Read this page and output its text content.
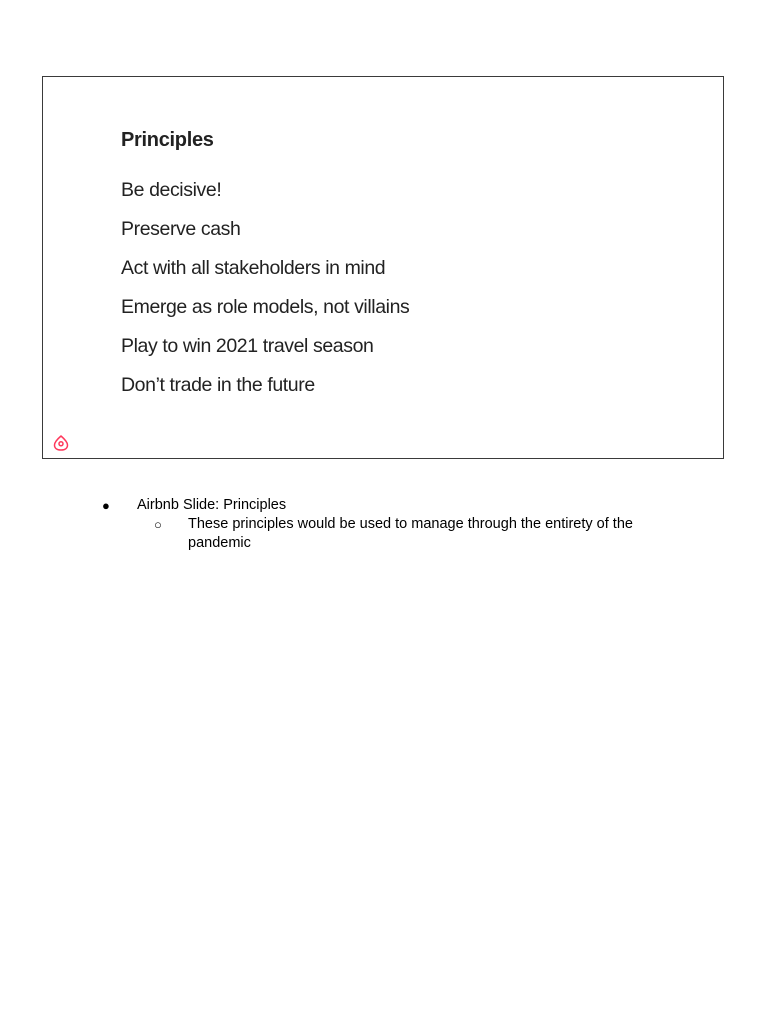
Principles
Be decisive!
Preserve cash
Act with all stakeholders in mind
Emerge as role models, not villains
Play to win 2021 travel season
Don’t trade in the future
● Airbnb Slide: Principles
○ These principles would be used to manage through the entirety of the pandemic
